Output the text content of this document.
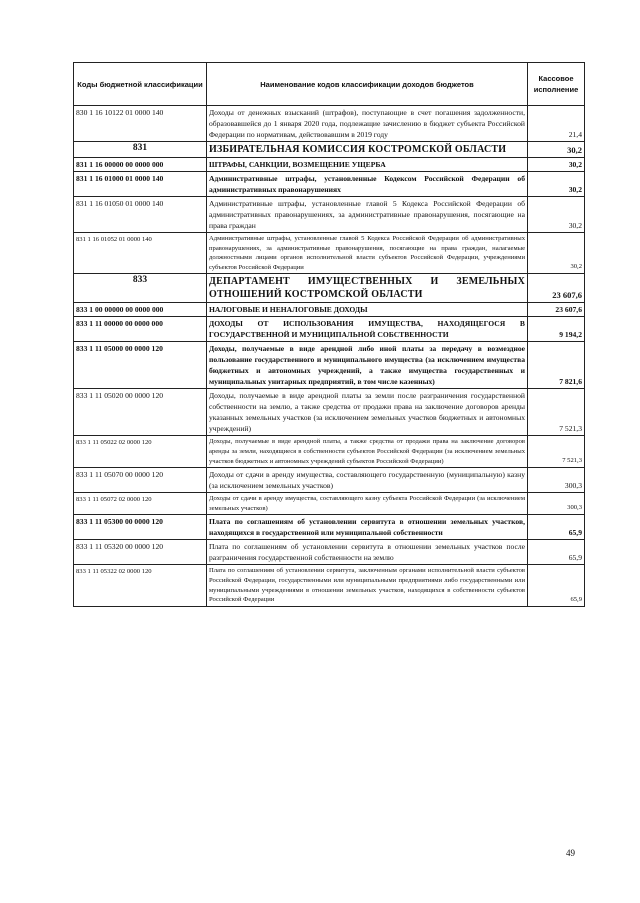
Коды бюджетной классификации	Наименование кодов классификации доходов бюджетов	Кассовое исполнение
830 1 16 10122 01 0000 140	Доходы от денежных взысканий (штрафов), поступающие в счет погашения задолженности, образовавшейся до 1 января 2020 года, подлежащие зачислению в бюджет субъекта Российской Федерации по нормативам, действовавшим в 2019 году	21,4
831	ИЗБИРАТЕЛЬНАЯ КОМИССИЯ КОСТРОМСКОЙ ОБЛАСТИ	30,2
831 1 16 00000 00 0000 000	ШТРАФЫ, САНКЦИИ, ВОЗМЕЩЕНИЕ УЩЕРБА	30,2
831 1 16 01000 01 0000 140	Административные штрафы, установленные Кодексом Российской Федерации об административных правонарушениях	30,2
831 1 16 01050 01 0000 140	Административные штрафы, установленные главой 5 Кодекса Российской Федерации об административных правонарушениях, за административные правонарушения, посягающие на права граждан	30,2
831 1 16 01052 01 0000 140	Административные штрафы, установленные главой 5 Кодекса Российской Федерации об административных правонарушениях, за административные правонарушения, посягающие на права граждан, налагаемые должностными лицами органов исполнительной власти субъектов Российской Федерации, учреждениями субъектов Российской Федерации	30,2
833	ДЕПАРТАМЕНТ ИМУЩЕСТВЕННЫХ И ЗЕМЕЛЬНЫХ ОТНОШЕНИЙ КОСТРОМСКОЙ ОБЛАСТИ	23 607,6
833 1 00 00000 00 0000 000	НАЛОГОВЫЕ И НЕНАЛОГОВЫЕ ДОХОДЫ	23 607,6
833 1 11 00000 00 0000 000	ДОХОДЫ ОТ ИСПОЛЬЗОВАНИЯ ИМУЩЕСТВА, НАХОДЯЩЕГОСЯ В ГОСУДАРСТВЕННОЙ И МУНИЦИПАЛЬНОЙ СОБСТВЕННОСТИ	9 194,2
833 1 11 05000 00 0000 120	Доходы, получаемые в виде арендной либо иной платы за передачу в возмездное пользование государственного и муниципального имущества (за исключением имущества бюджетных и автономных учреждений, а также имущества государственных и муниципальных унитарных предприятий, в том числе казенных)	7 821,6
833 1 11 05020 00 0000 120	Доходы, получаемые в виде арендной платы за земли после разграничения государственной собственности на землю, а также средства от продажи права на заключение договоров аренды указанных земельных участков (за исключением земельных участков бюджетных и автономных учреждений)	7 521,3
833 1 11 05022 02 0000 120	Доходы, получаемые в виде арендной платы, а также средства от продажи права на заключение договоров аренды за земли, находящиеся в собственности субъектов Российской Федерации (за исключением земельных участков бюджетных и автономных учреждений субъектов Российской Федерации)	7 521,3
833 1 11 05070 00 0000 120	Доходы от сдачи в аренду имущества, составляющего государственную (муниципальную) казну (за исключением земельных участков)	300,3
833 1 11 05072 02 0000 120	Доходы от сдачи в аренду имущества, составляющего казну субъекта Российской Федерации (за исключением земельных участков)	300,3
833 1 11 05300 00 0000 120	Плата по соглашениям об установлении сервитута в отношении земельных участков, находящихся в государственной или муниципальной собственности	65,9
833 1 11 05320 00 0000 120	Плата по соглашениям об установлении сервитута в отношении земельных участков после разграничения государственной собственности на землю	65,9
833 1 11 05322 02 0000 120	Плата по соглашениям об установлении сервитута, заключенным органами исполнительной власти субъектов Российской Федерации, государственными или муниципальными предприятиями либо государственными или муниципальными учреждениями в отношении земельных участков, находящихся в собственности субъектов Российской Федерации	65,9
49
